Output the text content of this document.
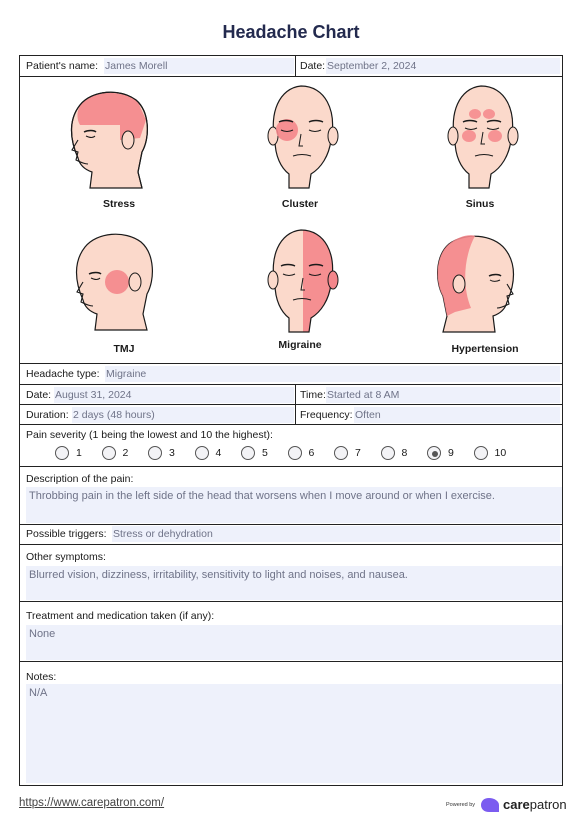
Headache Chart
Patient's name: James Morell	Date: September 2, 2024
Stress	Cluster	Sinus
TMJ	Migraine	Hypertension
Headache type: Migraine
Date: August 31, 2024	Time: Started at 8 AM
Duration: 2 days (48 hours)	Frequency: Often
Pain severity (1 being the lowest and 10 the highest):
1	2	3	4	5	6	7	8	9	10
Description of the pain:
Throbbing pain in the left side of the head that worsens when I move around or when I exercise.
Possible triggers: Stress or dehydration
Other symptoms:
Blurred vision, dizziness, irritability, sensitivity to light and noises, and nausea.
Treatment and medication taken (if any):
None
Notes:
N/A
https://www.carepatron.com/	Powered by carepatron
